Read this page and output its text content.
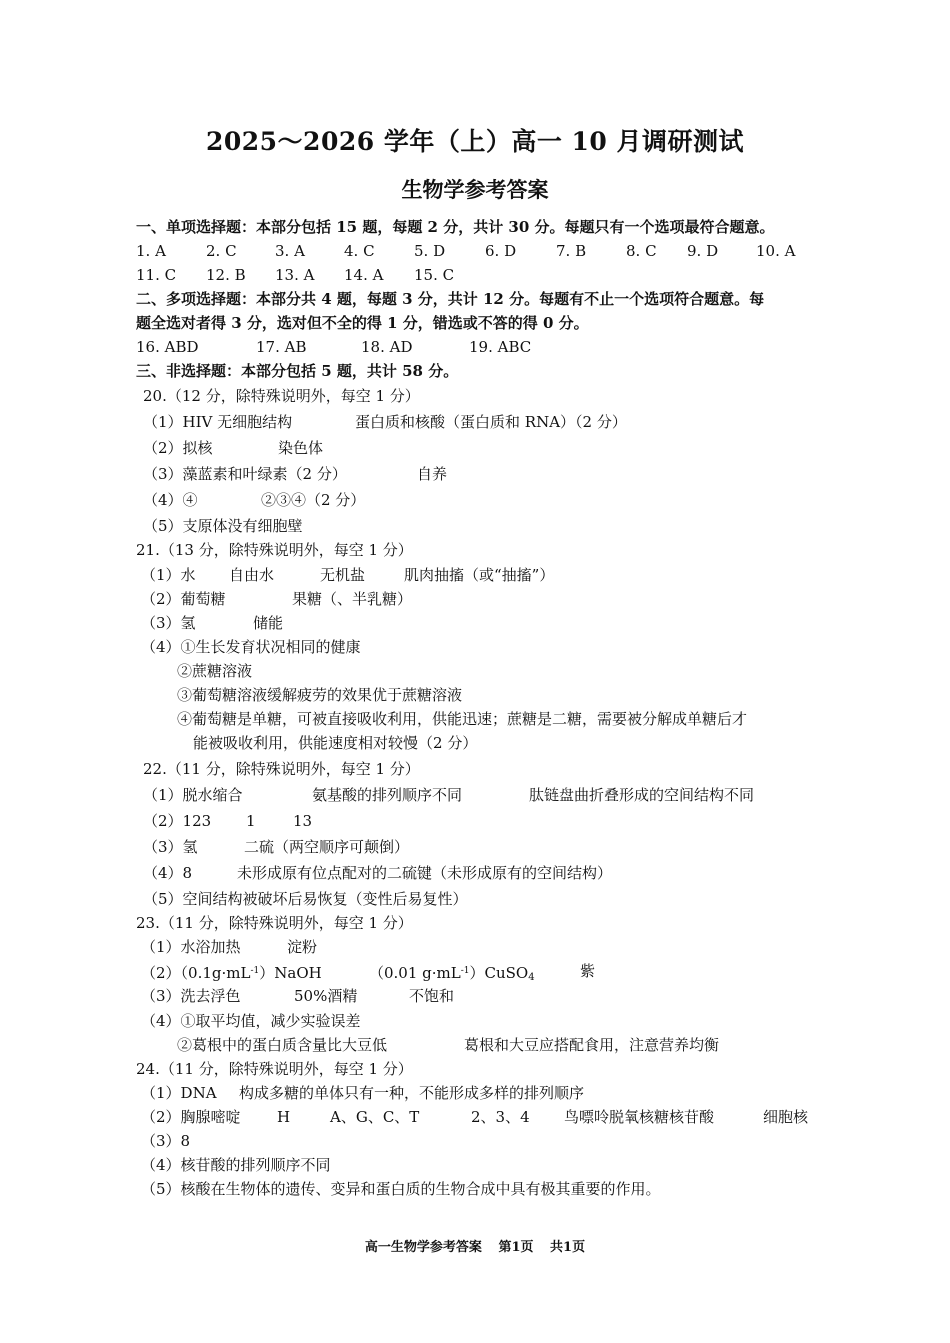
2025～2026 学年（上）高一 10 月调研测试
生物学参考答案
一、单项选择题：本部分包括 15 题，每题 2 分，共计 30 分。每题只有一个选项最符合题意。
1. A	2. C	3. A	4. C	5. D	6. D	7. B	8. C 9. D	10. A
11. C 12. B 13. A 14. A 15. C
二、多项选择题：本部分共 4 题，每题 3 分，共计 12 分。每题有不止一个选项符合题意。每
题全选对者得 3 分，选对但不全的得 1 分，错选或不答的得 0 分。
16. ABD	17. AB	18. AD	19. ABC
三、非选择题：本部分包括 5 题，共计 58 分。
20.（12 分，除特殊说明外，每空 1 分）
（1）HIV 无细胞结构	蛋白质和核酸（蛋白质和 RNA）（2 分）
（2）拟核	染色体
（3）藻蓝素和叶绿素（2 分）	自养
（4）④	②③④（2 分）
（5）支原体没有细胞壁
21.（13 分，除特殊说明外，每空 1 分）
（1）水 自由水	无机盐	肌肉抽搐（或“抽搐”）
（2）葡萄糖	果糖（、半乳糖）
（3）氢	储能
（4）①生长发育状况相同的健康
②蔗糖溶液
③葡萄糖溶液缓解疲劳的效果优于蔗糖溶液
④葡萄糖是单糖，可被直接吸收利用，供能迅速；蔗糖是二糖，需要被分解成单糖后才
能被吸收利用，供能速度相对较慢（2 分）
22.（11 分，除特殊说明外，每空 1 分）
（1）脱水缩合	氨基酸的排列顺序不同	肽链盘曲折叠形成的空间结构不同
（2）123 1 13
（3）氢	二硫（两空顺序可颠倒）
（4）8	未形成原有位点配对的二硫键（未形成原有的空间结构）
（5）空间结构被破坏后易恢复（变性后易复性）
23.（11 分，除特殊说明外，每空 1 分）
（1）水浴加热	淀粉
$(2)(0.1g\cdot mL^{-1})NaOH$	（0.01 $g\cdot mL^{-1})CuSO_4$	紫
（3）洗去浮色	50%酒精	不饱和
（4）①取平均值，减少实验误差
②葛根中的蛋白质含量比大豆低	葛根和大豆应搭配食用，注意营养均衡
24.（11 分，除特殊说明外，每空 1 分）
（1）DNA 构成多糖的单体只有一种，不能形成多样的排列顺序
（2）胸腺嘧啶 H	A、G、C、T	2、3、4 鸟嘌呤脱氧核糖核苷酸	细胞核
（3）8
（4）核苷酸的排列顺序不同
（5）核酸在生物体的遗传、变异和蛋白质的生物合成中具有极其重要的作用。
高一生物学参考答案 第1页 共1页
